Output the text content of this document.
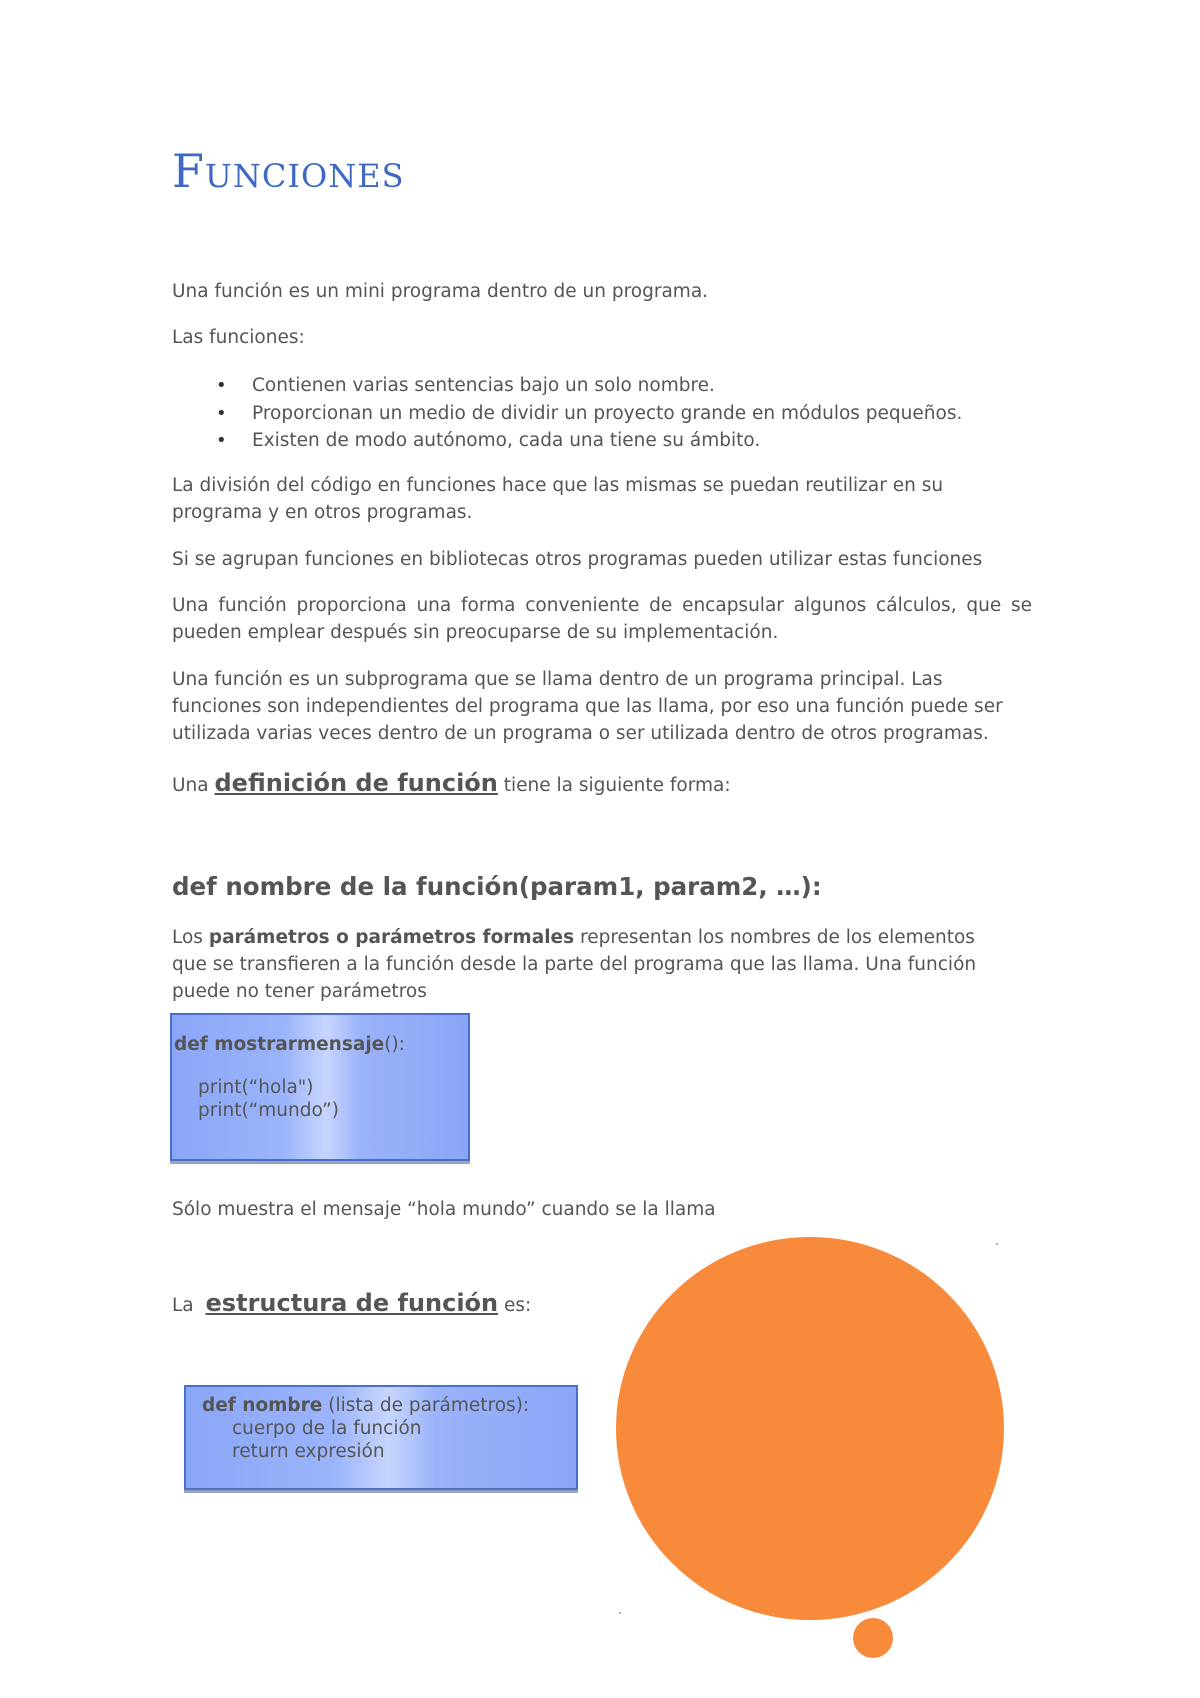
Funciones

Una función es un mini programa dentro de un programa.

Las funciones:

• Contienen varias sentencias bajo un solo nombre.
• Proporcionan un medio de dividir un proyecto grande en módulos pequeños.
• Existen de modo autónomo, cada una tiene su ámbito.

La división del código en funciones hace que las mismas se puedan reutilizar en su programa y en otros programas.

Si se agrupan funciones en bibliotecas otros programas pueden utilizar estas funciones

Una función proporciona una forma conveniente de encapsular algunos cálculos, que se pueden emplear después sin preocuparse de su implementación.

Una función es un subprograma que se llama dentro de un programa principal. Las funciones son independientes del programa que las llama, por eso una función puede ser utilizada varias veces dentro de un programa o ser utilizada dentro de otros programas.

Una definición de función tiene la siguiente forma:

def nombre de la función(param1, param2, …):

Los parámetros o parámetros formales representan los nombres de los elementos que se transfieren a la función desde la parte del programa que las llama. Una función puede no tener parámetros

def mostrarmensaje():
print(“hola")
print(“mundo”)

Sólo muestra el mensaje “hola mundo” cuando se la llama

La estructura de función es:

def nombre (lista de parámetros):
cuerpo de la función
return expresión
